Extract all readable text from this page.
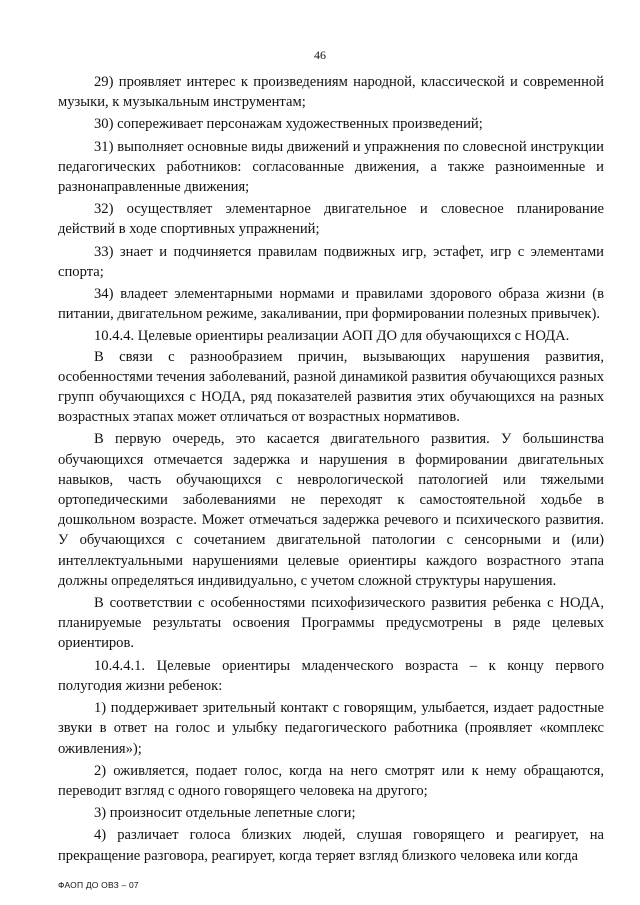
46

29) проявляет интерес к произведениям народной, классической и современной музыки, к музыкальным инструментам;

30) сопереживает персонажам художественных произведений;

31) выполняет основные виды движений и упражнения по словесной инструкции педагогических работников: согласованные движения, а также разноименные и разнонаправленные движения;

32) осуществляет элементарное двигательное и словесное планирование действий в ходе спортивных упражнений;

33) знает и подчиняется правилам подвижных игр, эстафет, игр с элементами спорта;

34) владеет элементарными нормами и правилами здорового образа жизни (в питании, двигательном режиме, закаливании, при формировании полезных привычек).

10.4.4. Целевые ориентиры реализации АОП ДО для обучающихся с НОДА.

В связи с разнообразием причин, вызывающих нарушения развития, особенностями течения заболеваний, разной динамикой развития обучающихся разных групп обучающихся с НОДА, ряд показателей развития этих обучающихся на разных возрастных этапах может отличаться от возрастных нормативов.

В первую очередь, это касается двигательного развития. У большинства обучающихся отмечается задержка и нарушения в формировании двигательных навыков, часть обучающихся с неврологической патологией или тяжелыми ортопедическими заболеваниями не переходят к самостоятельной ходьбе в дошкольном возрасте. Может отмечаться задержка речевого и психического развития. У обучающихся с сочетанием двигательной патологии с сенсорными и (или) интеллектуальными нарушениями целевые ориентиры каждого возрастного этапа должны определяться индивидуально, с учетом сложной структуры нарушения.

В соответствии с особенностями психофизического развития ребенка с НОДА, планируемые результаты освоения Программы предусмотрены в ряде целевых ориентиров.

10.4.4.1. Целевые ориентиры младенческого возраста – к концу первого полугодия жизни ребенок:

1) поддерживает зрительный контакт с говорящим, улыбается, издает радостные звуки в ответ на голос и улыбку педагогического работника (проявляет «комплекс оживления»);

2) оживляется, подает голос, когда на него смотрят или к нему обращаются, переводит взгляд с одного говорящего человека на другого;

3) произносит отдельные лепетные слоги;

4) различает голоса близких людей, слушая говорящего и реагирует, на прекращение разговора, реагирует, когда теряет взгляд близкого человека или когда

ФАОП ДО ОВЗ – 07
